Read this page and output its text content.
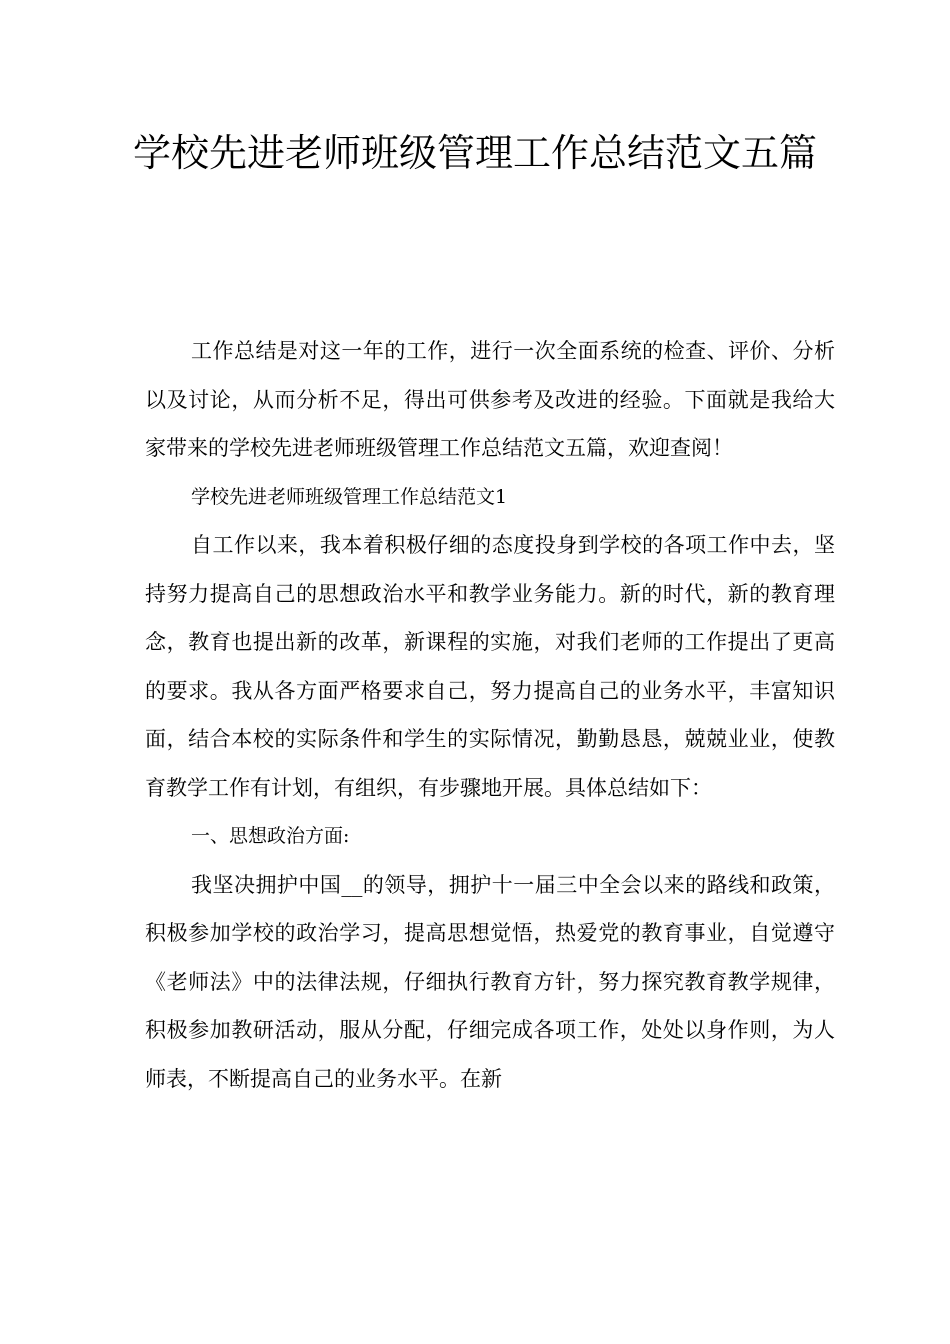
学校先进老师班级管理工作总结范文五篇

工作总结是对这一年的工作，进行一次全面系统的检查、评价、分析以及讨论，从而分析不足，得出可供参考及改进的经验。下面就是我给大家带来的学校先进老师班级管理工作总结范文五篇，欢迎查阅！

学校先进老师班级管理工作总结范文1

自工作以来，我本着积极仔细的态度投身到学校的各项工作中去，坚持努力提高自己的思想政治水平和教学业务能力。新的时代，新的教育理念，教育也提出新的改革，新课程的实施，对我们老师的工作提出了更高的要求。我从各方面严格要求自己，努力提高自己的业务水平，丰富知识面，结合本校的实际条件和学生的实际情况，勤勤恳恳，兢兢业业，使教育教学工作有计划，有组织，有步骤地开展。具体总结如下：

一、思想政治方面:

我坚决拥护中国__的领导，拥护十一届三中全会以来的路线和政策，积极参加学校的政治学习，提高思想觉悟，热爱党的教育事业，自觉遵守《老师法》中的法律法规，仔细执行教育方针，努力探究教育教学规律，积极参加教研活动，服从分配，仔细完成各项工作，处处以身作则，为人师表，不断提高自己的业务水平。在新
